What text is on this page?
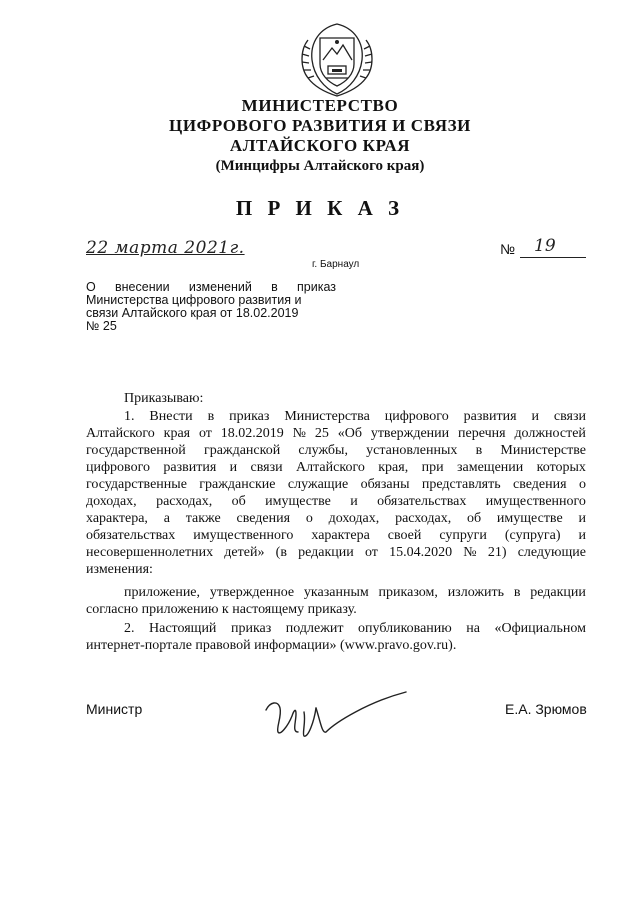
МИНИСТЕРСТВО
ЦИФРОВОГО РАЗВИТИЯ И СВЯЗИ
АЛТАЙСКОГО КРАЯ
(Минцифры Алтайского края)
П Р И К А З
22 марта 2021г.
г. Барнаул
№ 19
О внесении изменений в приказ
Министерства цифрового развития и
связи Алтайского края от 18.02.2019
№ 25
Приказываю:
1. Внести в приказ Министерства цифрового развития и связи
Алтайского края от 18.02.2019 № 25 «Об утверждении перечня должностей
государственной гражданской службы, установленных в Министерстве
цифрового развития и связи Алтайского края, при замещении которых
государственные гражданские служащие обязаны представлять сведения о
доходах, расходах, об имуществе и обязательствах имущественного
характера, а также сведения о доходах, расходах, об имуществе и
обязательствах имущественного характера своей супруги (супруга) и
несовершеннолетних детей» (в редакции от 15.04.2020 № 21) следующие
изменения:
приложение, утвержденное указанным приказом, изложить в редакции
согласно приложению к настоящему приказу.
2. Настоящий приказ подлежит опубликованию на «Официальном
интернет-портале правовой информации» (www.pravo.gov.ru).
Министр	Е.А. Зрюмов
